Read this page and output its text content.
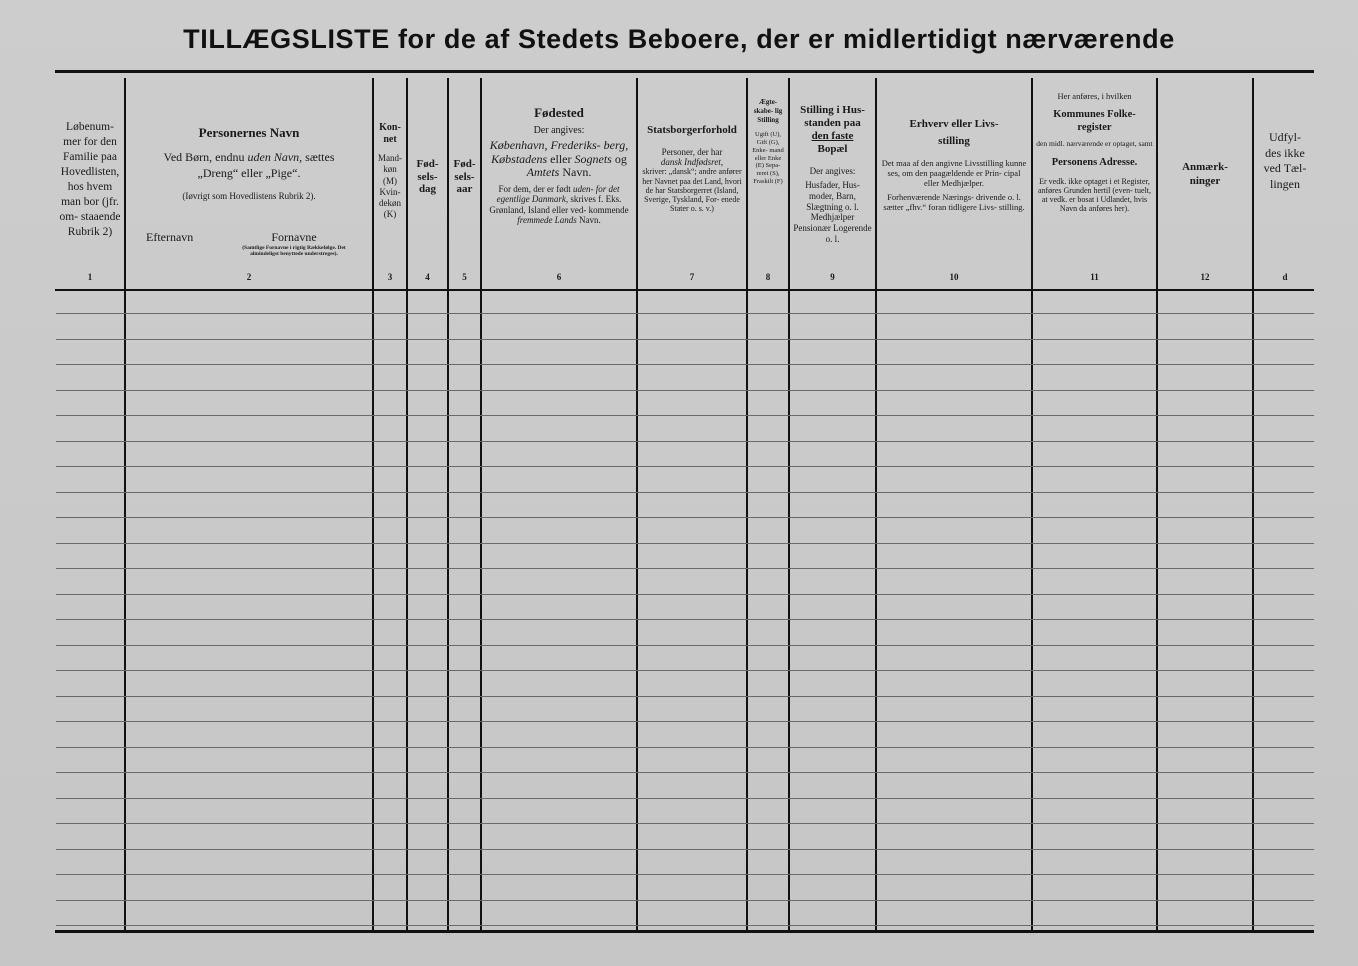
TILLÆGSLISTE for de af Stedets Beboere, der er midlertidigt nærværende
Løbenum- mer for den Familie paa Hovedlisten, hos hvem man bor (jfr. om- staaende Rubrik 2)
1
Personernes Navn
Ved Børn, endnu uden Navn, sættes
„Dreng“ eller „Pige“.
(Iøvrigt som Hovedlistens Rubrik 2).
Efternavn	Fornavne
(Samtlige Fornavne i rigtig Rækkefølge. Det almindeligst benyttede understreges).
2
Kon- net
Mand- køn (M) Kvin- dekøn (K)
3
Fød- sels- dag
4
Fød- sels- aar
5
Fødested
Der angives:
København, Frederiks- berg, Købstadens eller Sognets og Amtets Navn.
For dem, der er født uden- for det egentlige Danmark, skrives f. Eks. Grønland, Island eller ved- kommende fremmede Lands Navn.
6
Statsborgerforhold
Personer, der har
dansk Indfødsret,
skriver: „dansk“; andre anfører her Navnet paa det Land, hvori de har Statsborgerret (Island, Sverige, Tyskland, For- enede Stater o. s. v.)
7
Ægte- skabe- lig Stilling
Ugift (U), Gift (G), Enke- mand eller Enke (E) Sepa- reret (S), Fraskilt (F)
8
Stilling i Hus- standen paa
den faste
Bopæl
Der angives:
Husfader, Hus- moder, Barn, Slægtning o. l. Medhjælper Pensionær Logerende o. l.
9
Erhverv eller Livs- stilling
Det maa af den angivne Livsstilling kunne ses, om den paagældende er Prin- cipal eller Medhjælper.
Forhenværende Nærings- drivende o. l. sætter „fhv.“ foran tidligere Livs- stilling.
10
Her anføres, i hvilken
Kommunes Folke- register
den midl. nærværende er optaget, samt
Personens Adresse.
Er vedk. ikke optaget i et Register, anføres Grunden hertil (even- tuelt, at vedk. er bosat i Udlandet, hvis Navn da anføres her).
11
Anmærk- ninger
12
Udfyl- des ikke ved Tæl- lingen
d
